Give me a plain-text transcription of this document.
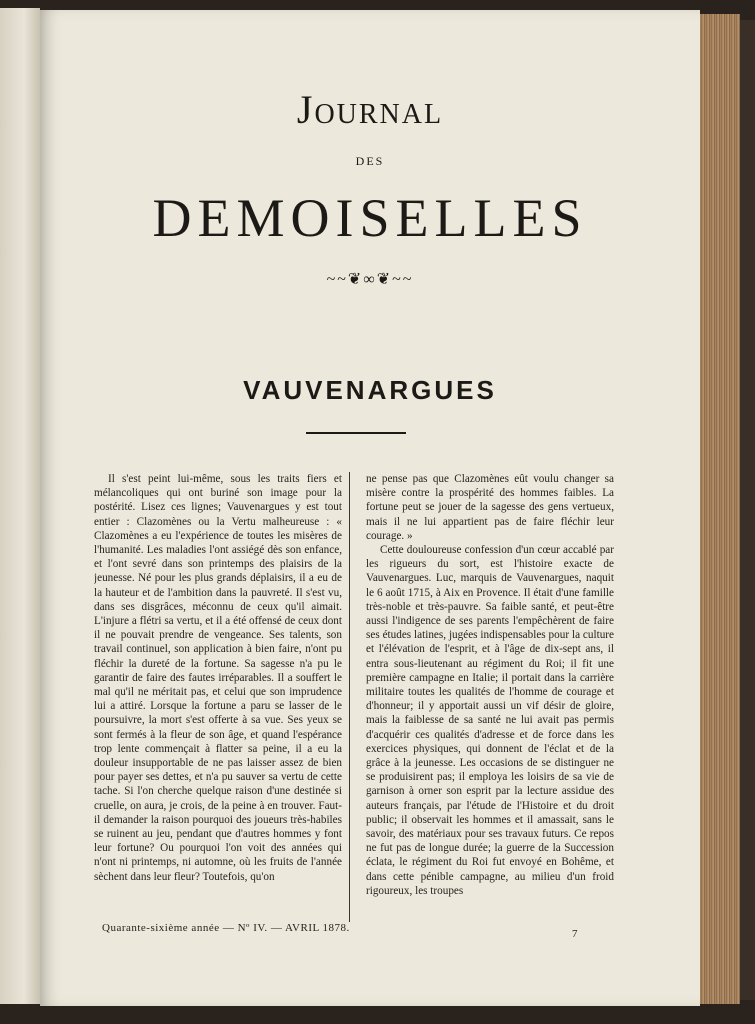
Journal
DES
DEMOISELLES
~~❦∞❦~~
VAUVENARGUES

Il s'est peint lui-même, sous les traits fiers et mélancoliques qui ont buriné son image pour la postérité. Lisez ces lignes; Vauvenargues y est tout entier : Clazomènes ou la Vertu malheureuse : « Clazomènes a eu l'expérience de toutes les misères de l'humanité. Les maladies l'ont assiégé dès son enfance, et l'ont sevré dans son printemps des plaisirs de la jeunesse. Né pour les plus grands déplaisirs, il a eu de la hauteur et de l'ambition dans la pauvreté. Il s'est vu, dans ses disgrâces, méconnu de ceux qu'il aimait. L'injure a flétri sa vertu, et il a été offensé de ceux dont il ne pouvait prendre de vengeance. Ses talents, son travail continuel, son application à bien faire, n'ont pu fléchir la dureté de la fortune. Sa sagesse n'a pu le garantir de faire des fautes irréparables. Il a souffert le mal qu'il ne méritait pas, et celui que son imprudence lui a attiré. Lorsque la fortune a paru se lasser de le poursuivre, la mort s'est offerte à sa vue. Ses yeux se sont fermés à la fleur de son âge, et quand l'espérance trop lente commençait à flatter sa peine, il a eu la douleur insupportable de ne pas laisser assez de bien pour payer ses dettes, et n'a pu sauver sa vertu de cette tache. Si l'on cherche quelque raison d'une destinée si cruelle, on aura, je crois, de la peine à en trouver. Faut-il demander la raison pourquoi des joueurs très-habiles se ruinent au jeu, pendant que d'autres hommes y font leur fortune? Ou pourquoi l'on voit des années qui n'ont ni printemps, ni automne, où les fruits de l'année sèchent dans leur fleur? Toutefois, qu'on

ne pense pas que Clazomènes eût voulu changer sa misère contre la prospérité des hommes faibles. La fortune peut se jouer de la sagesse des gens vertueux, mais il ne lui appartient pas de faire fléchir leur courage. »

Cette douloureuse confession d'un cœur accablé par les rigueurs du sort, est l'histoire exacte de Vauvenargues. Luc, marquis de Vauvenargues, naquit le 6 août 1715, à Aix en Provence. Il était d'une famille très-noble et très-pauvre. Sa faible santé, et peut-être aussi l'indigence de ses parents l'empêchèrent de faire ses études latines, jugées indispensables pour la culture et l'élévation de l'esprit, et à l'âge de dix-sept ans, il entra sous-lieutenant au régiment du Roi; il fit une première campagne en Italie; il portait dans la carrière militaire toutes les qualités de l'homme de courage et d'honneur; il y apportait aussi un vif désir de gloire, mais la faiblesse de sa santé ne lui avait pas permis d'acquérir ces qualités d'adresse et de force dans les exercices physiques, qui donnent de l'éclat et de la grâce à la jeunesse. Les occasions de se distinguer ne se produisirent pas; il employa les loisirs de sa vie de garnison à orner son esprit par la lecture assidue des auteurs français, par l'étude de l'Histoire et du droit public; il observait les hommes et il amassait, sans le savoir, des matériaux pour ses travaux futurs. Ce repos ne fut pas de longue durée; la guerre de la Succession éclata, le régiment du Roi fut envoyé en Bohême, et dans cette pénible campagne, au milieu d'un froid rigoureux, les troupes

Quarante-sixième année — Nº IV. — AVRIL 1878.	7
